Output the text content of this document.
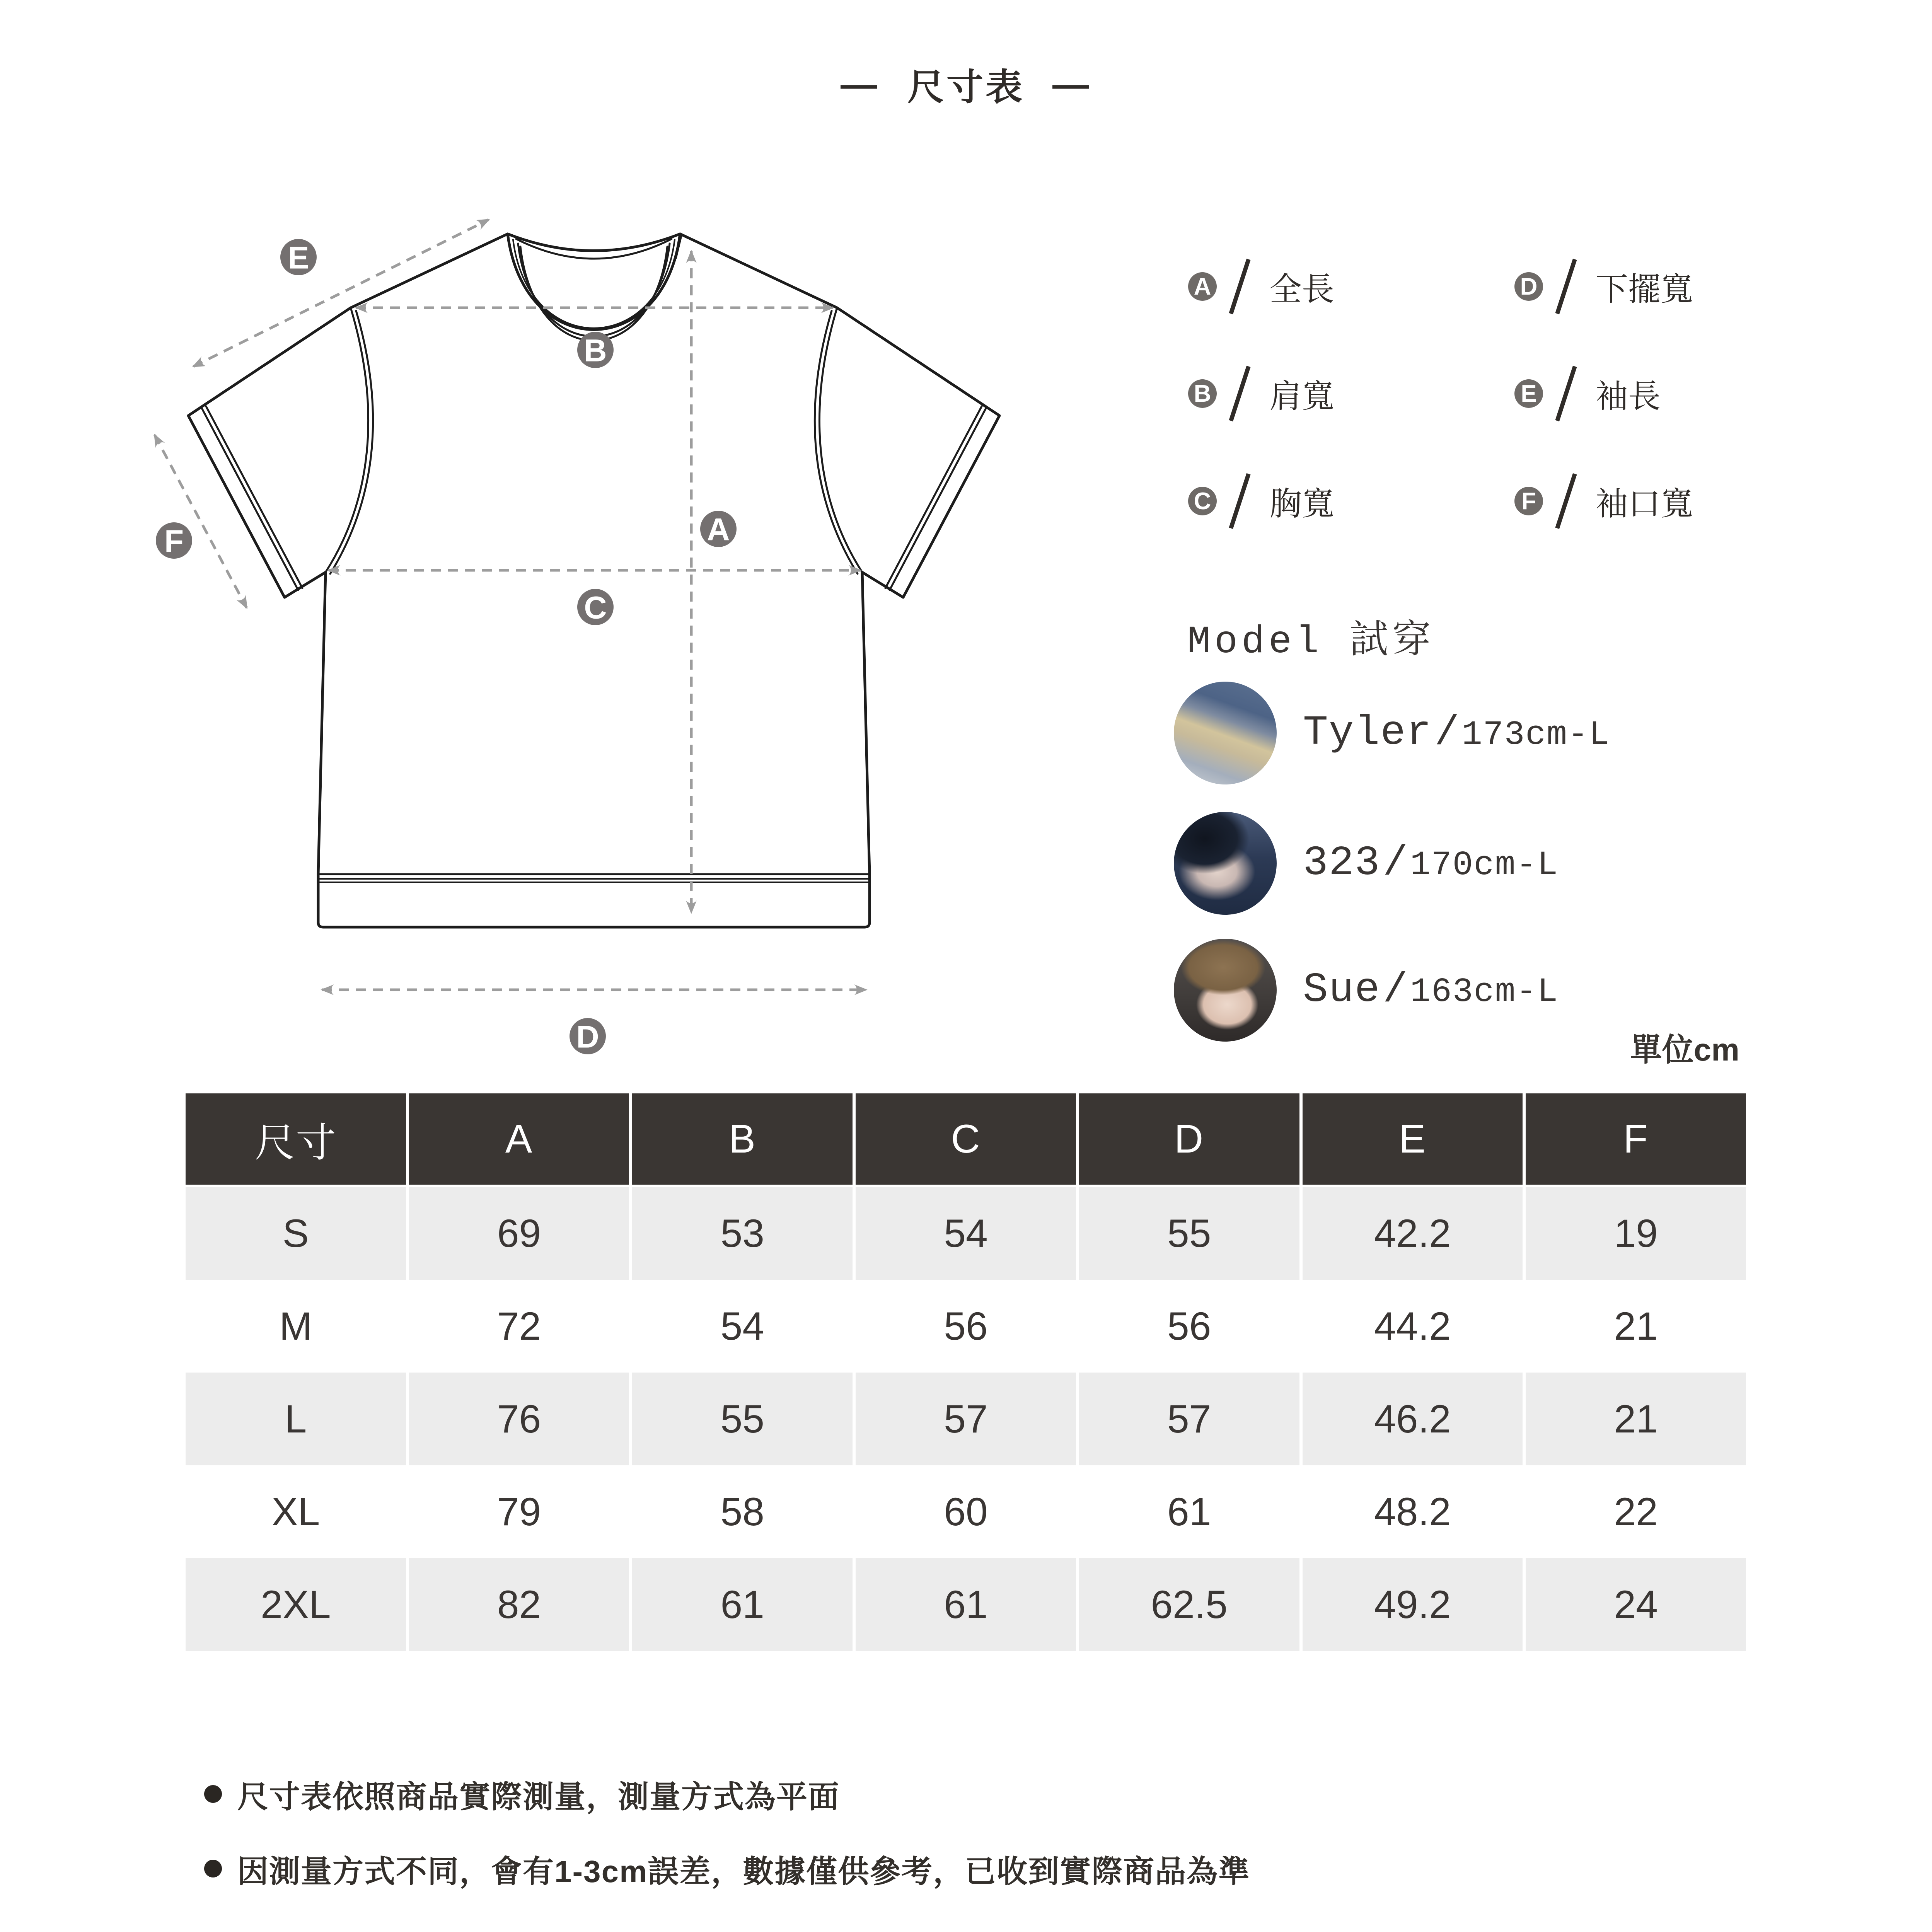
— 尺寸表 —
E
B
A
C
F
D
A 全長
B 肩寬
C 胸寬
D 下擺寬
E 袖長
F 袖口寬
Model 試穿
Tyler / 173cm-L
323 / 170cm-L
Sue / 163cm-L
單位cm
尺寸	A	B	C	D	E	F
S	69	53	54	55	42.2	19
M	72	54	56	56	44.2	21
L	76	55	57	57	46.2	21
XL	79	58	60	61	48.2	22
2XL	82	61	61	62.5	49.2	24
尺寸表依照商品實際測量，測量方式為平面
因測量方式不同，會有1-3cm誤差，數據僅供參考，已收到實際商品為準
